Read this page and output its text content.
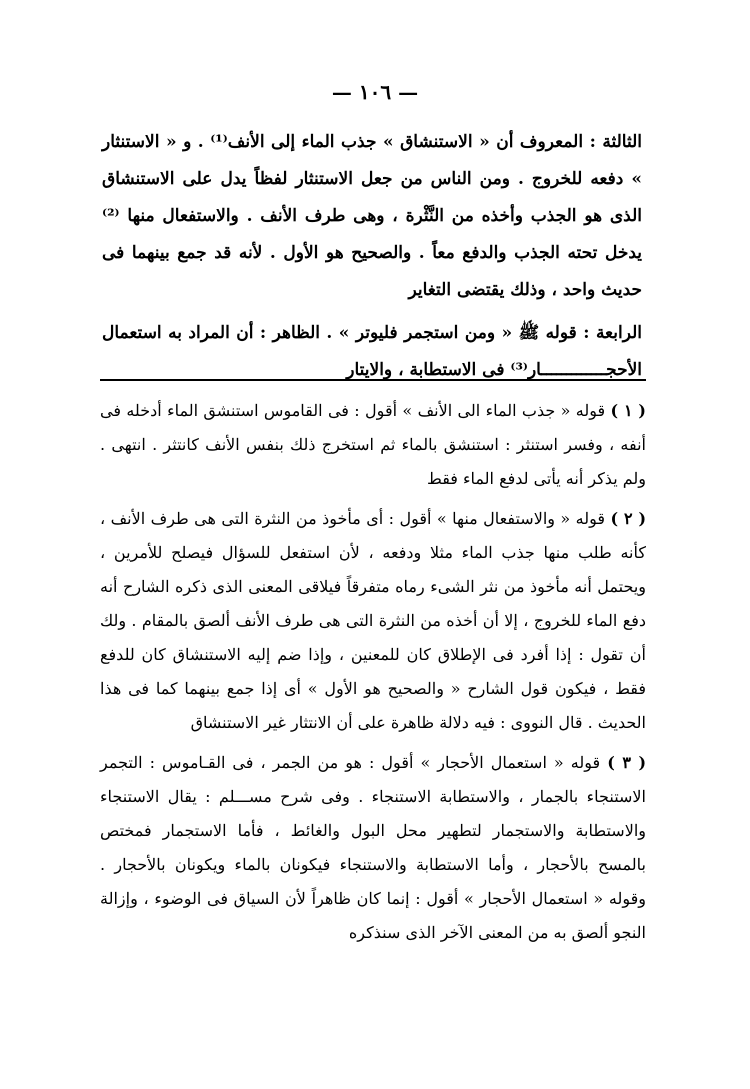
— ١٠٦ —

الثالثة : المعروف أن « الاستنشاق » جذب الماء إلى الأنف⁽¹⁾ . و « الاستنثار » دفعه للخروج . ومن الناس من جعل الاستنثار لفظاً يدل على الاستنشاق الذى هو الجذب وأخذه من النَّثْرة ، وهى طرف الأنف . والاستفعال منها ⁽²⁾ يدخل تحته الجذب والدفع معاً . والصحيح هو الأول . لأنه قد جمع بينهما فى حديث واحد ، وذلك يقتضى التغاير

الرابعة : قوله ﷺ « ومن استجمر فليوتر » . الظاهر : أن المراد به استعمال الأحجـــــــــــــار⁽³⁾ فى الاستطابة ، والايتار

( ١ ) قوله « جذب الماء الى الأنف » أقول : فى القاموس استنشق الماء أدخله فى أنفه ، وفسر استنثر : استنشق بالماء ثم استخرج ذلك بنفس الأنف كانتثر . انتهى . ولم يذكر أنه يأتى لدفع الماء فقط

( ٢ ) قوله « والاستفعال منها » أقول : أى مأخوذ من النثرة التى هى طرف الأنف ، كأنه طلب منها جذب الماء مثلا ودفعه ، لأن استفعل للسؤال فيصلح للأمرين ، ويحتمل أنه مأخوذ من نثر الشىء رماه متفرقاً فيلاقى المعنى الذى ذكره الشارح أنه دفع الماء للخروج ، إلا أن أخذه من النثرة التى هى طرف الأنف ألصق بالمقام . ولك أن تقول : إذا أفرد فى الإطلاق كان للمعنين ، وإذا ضم إليه الاستنشاق كان للدفع فقط ، فيكون قول الشارح « والصحيح هو الأول » أى إذا جمع بينهما كما فى هذا الحديث . قال النووى : فيه دلالة ظاهرة على أن الانتثار غير الاستنشاق

( ٣ ) قوله « استعمال الأحجار » أقول : هو من الجمر ، فى القـاموس : التجمر الاستنجاء بالجمار ، والاستطابة الاستنجاء . وفى شرح مســـلم : يقال الاستنجاء والاستطابة والاستجمار لتطهير محل البول والغائط ، فأما الاستجمار فمختص بالمسح بالأحجار ، وأما الاستطابة والاستنجاء فيكونان بالماء ويكونان بالأحجار . وقوله « استعمال الأحجار » أقول : إنما كان ظاهراً لأن السياق فى الوضوء ، وإزالة النجو ألصق به من المعنى الآخر الذى سنذكره
